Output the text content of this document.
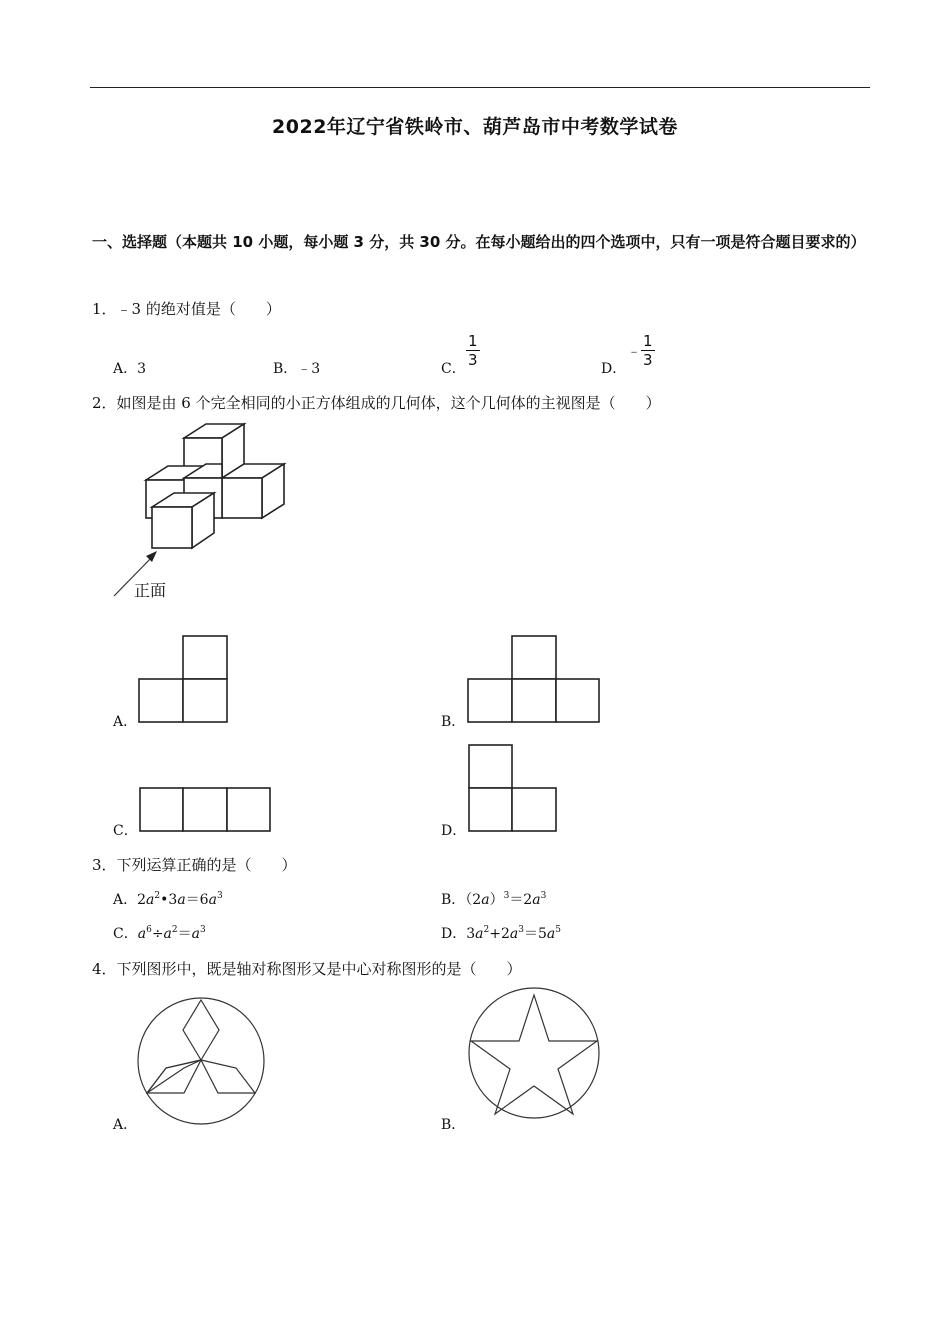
2022年辽宁省铁岭市、葫芦岛市中考数学试卷
一、选择题（本题共 10 小题，每小题 3 分，共 30 分。在每小题给出的四个选项中，只有一项是符合题目要求的）
1．﹣3 的绝对值是（　　）
A．3	B．﹣3	C． $\frac{1}{3}$	D．
﹣ $\frac{1}{3}$
2．如图是由 6 个完全相同的小正方体组成的几何体，这个几何体的主视图是（　　）
正面
A．	B．
C．	D．
3．下列运算正确的是（　　）
A．$2a^2•3a=6a^3$	B．$(2a)^3=2a^3$
C．$a^6\div a^2=a^3$	D．$3a^2+2a^3=5a^5$
4．下列图形中，既是轴对称图形又是中心对称图形的是（　　）
A．	B．
